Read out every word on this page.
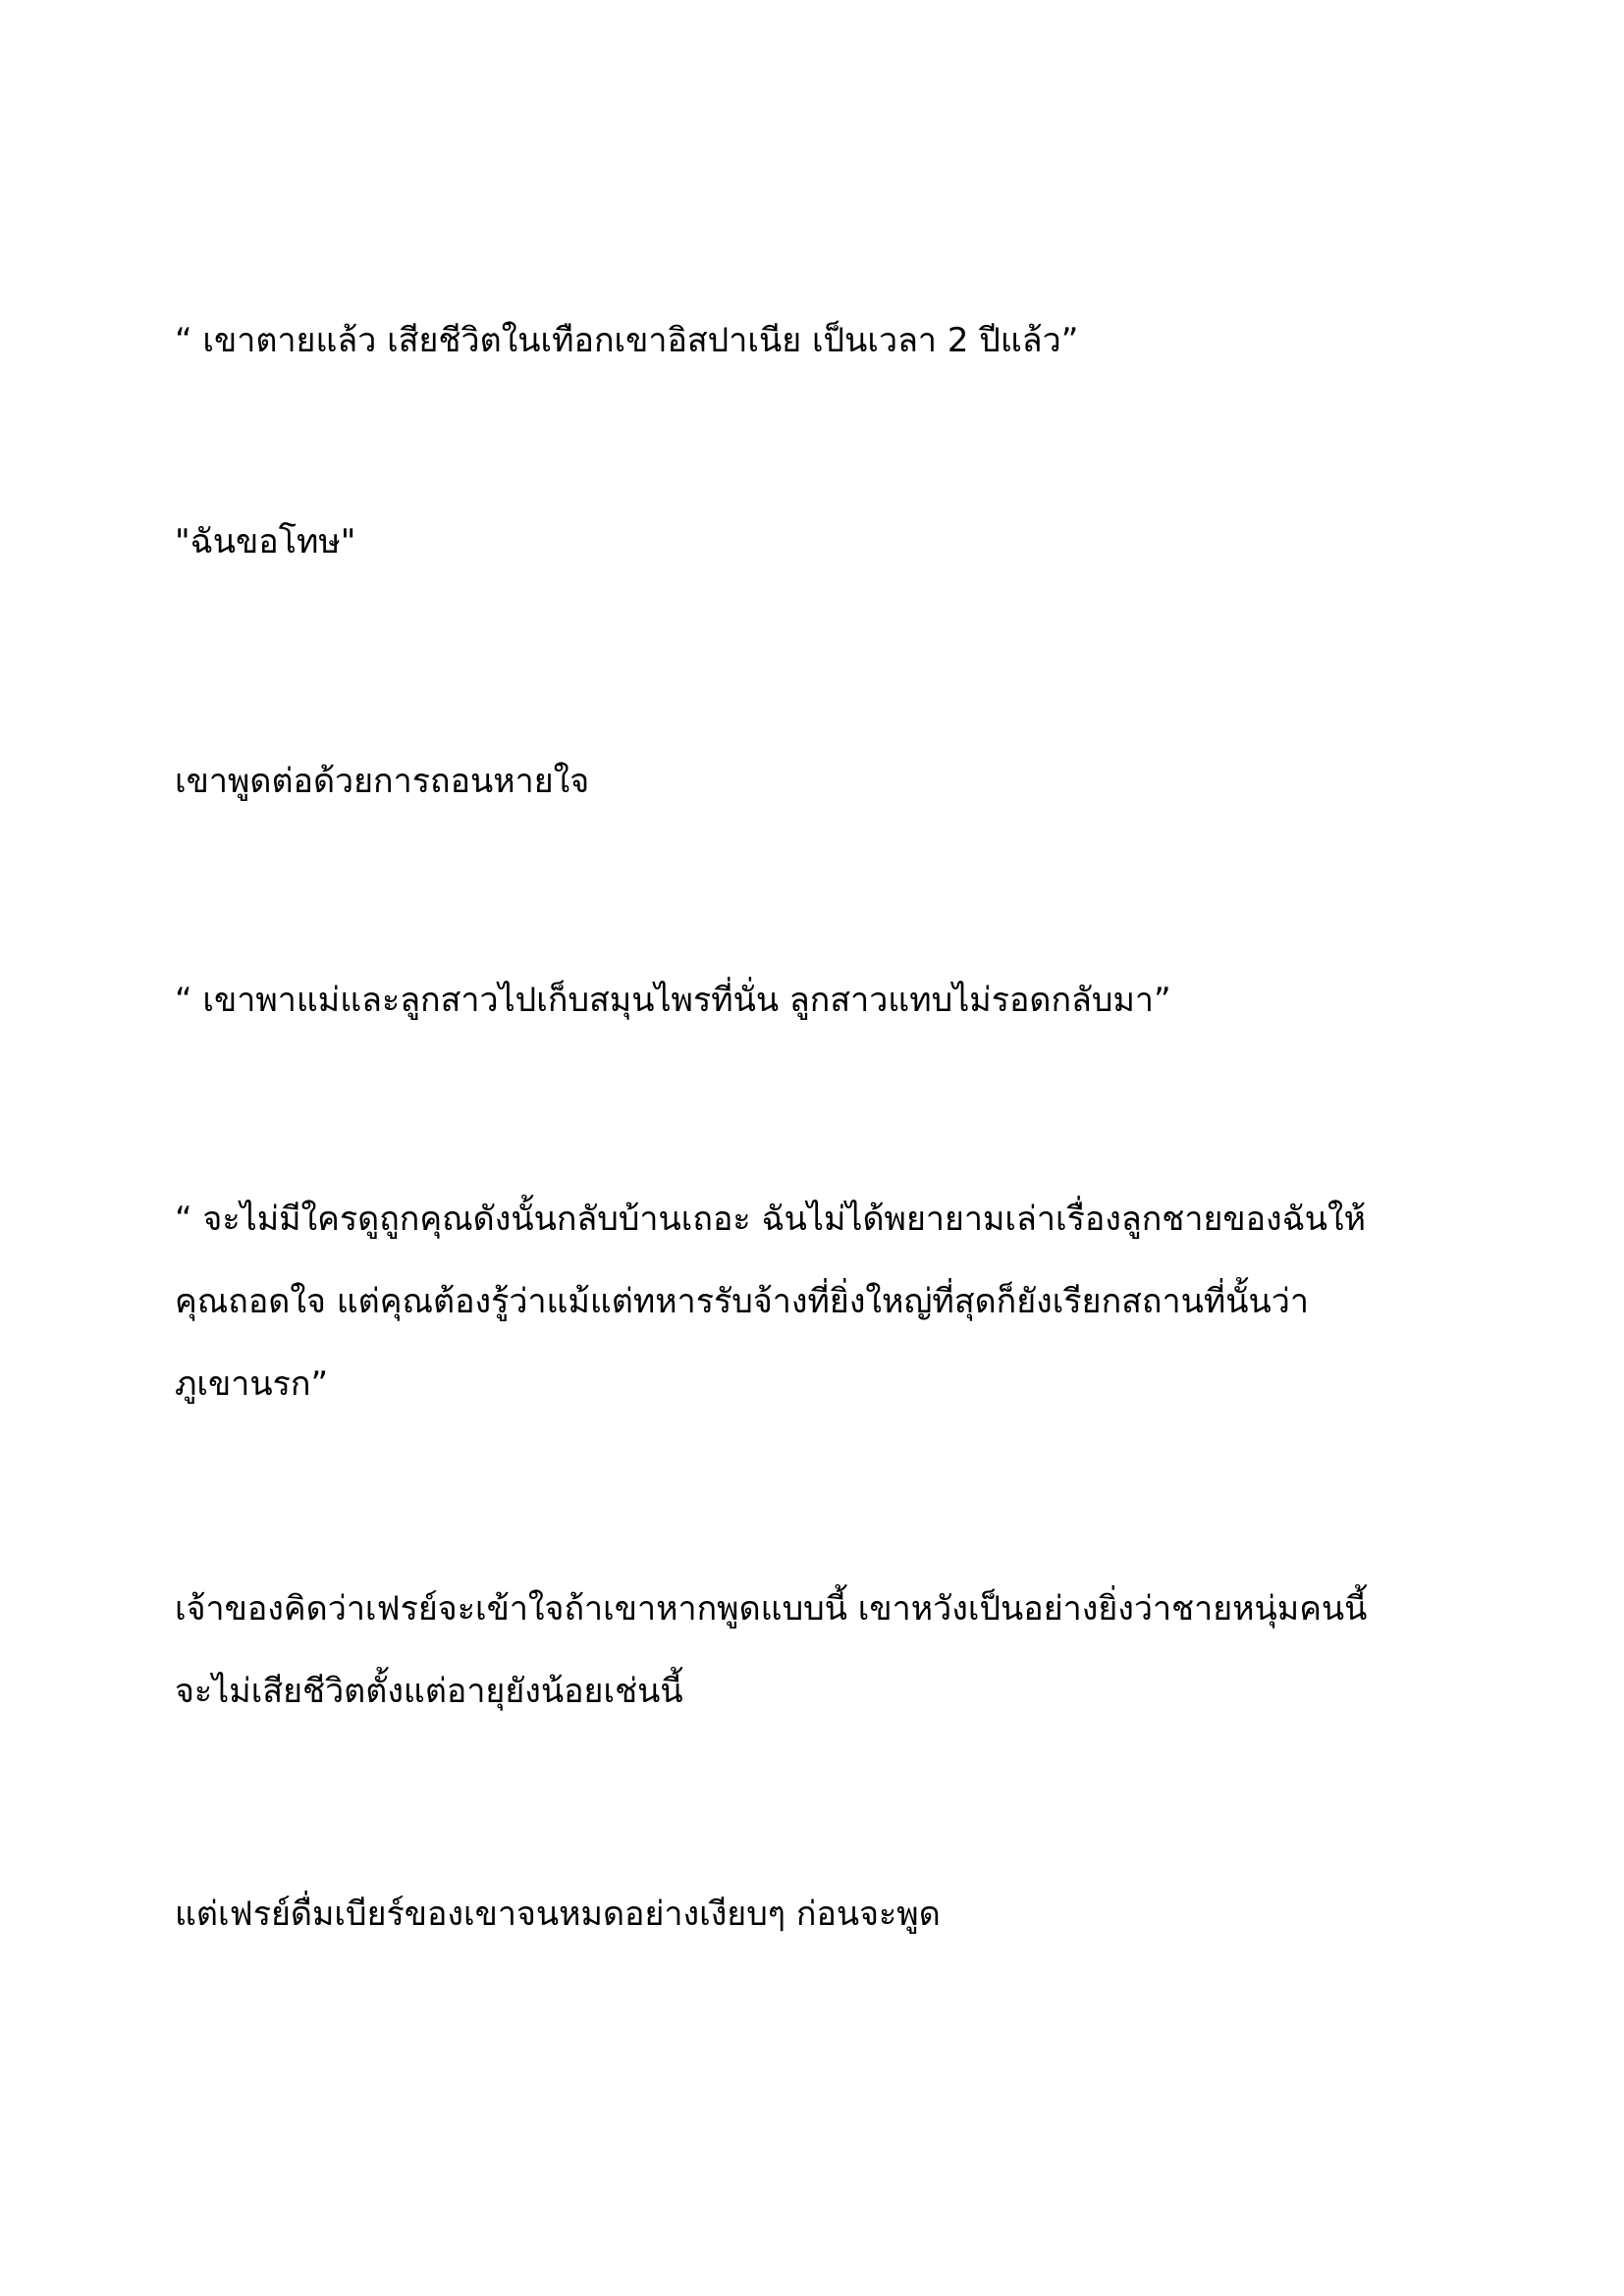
“ เขาตายแล้ว เสียชีวิตในเทือกเขาอิสปาเนีย เป็นเวลา 2 ปีแล้ว”

"ฉันขอโทษ"

เขาพูดต่อด้วยการถอนหายใจ

“ เขาพาแม่และลูกสาวไปเก็บสมุนไพรที่นั่น ลูกสาวแทบไม่รอดกลับมา”

“ จะไม่มีใครดูถูกคุณดังนั้นกลับบ้านเถอะ ฉันไม่ได้พยายามเล่าเรื่องลูกชายของฉันให้
คุณถอดใจ แต่คุณต้องรู้ว่าแม้แต่ทหารรับจ้างที่ยิ่งใหญ่ที่สุดก็ยังเรียกสถานที่นั้นว่า
ภูเขานรก”

เจ้าของคิดว่าเฟรย์จะเข้าใจถ้าเขาหากพูดแบบนี้ เขาหวังเป็นอย่างยิ่งว่าชายหนุ่มคนนี้
จะไม่เสียชีวิตตั้งแต่อายุยังน้อยเช่นนี้

แต่เฟรย์ดื่มเบียร์ของเขาจนหมดอย่างเงียบๆ ก่อนจะพูด
